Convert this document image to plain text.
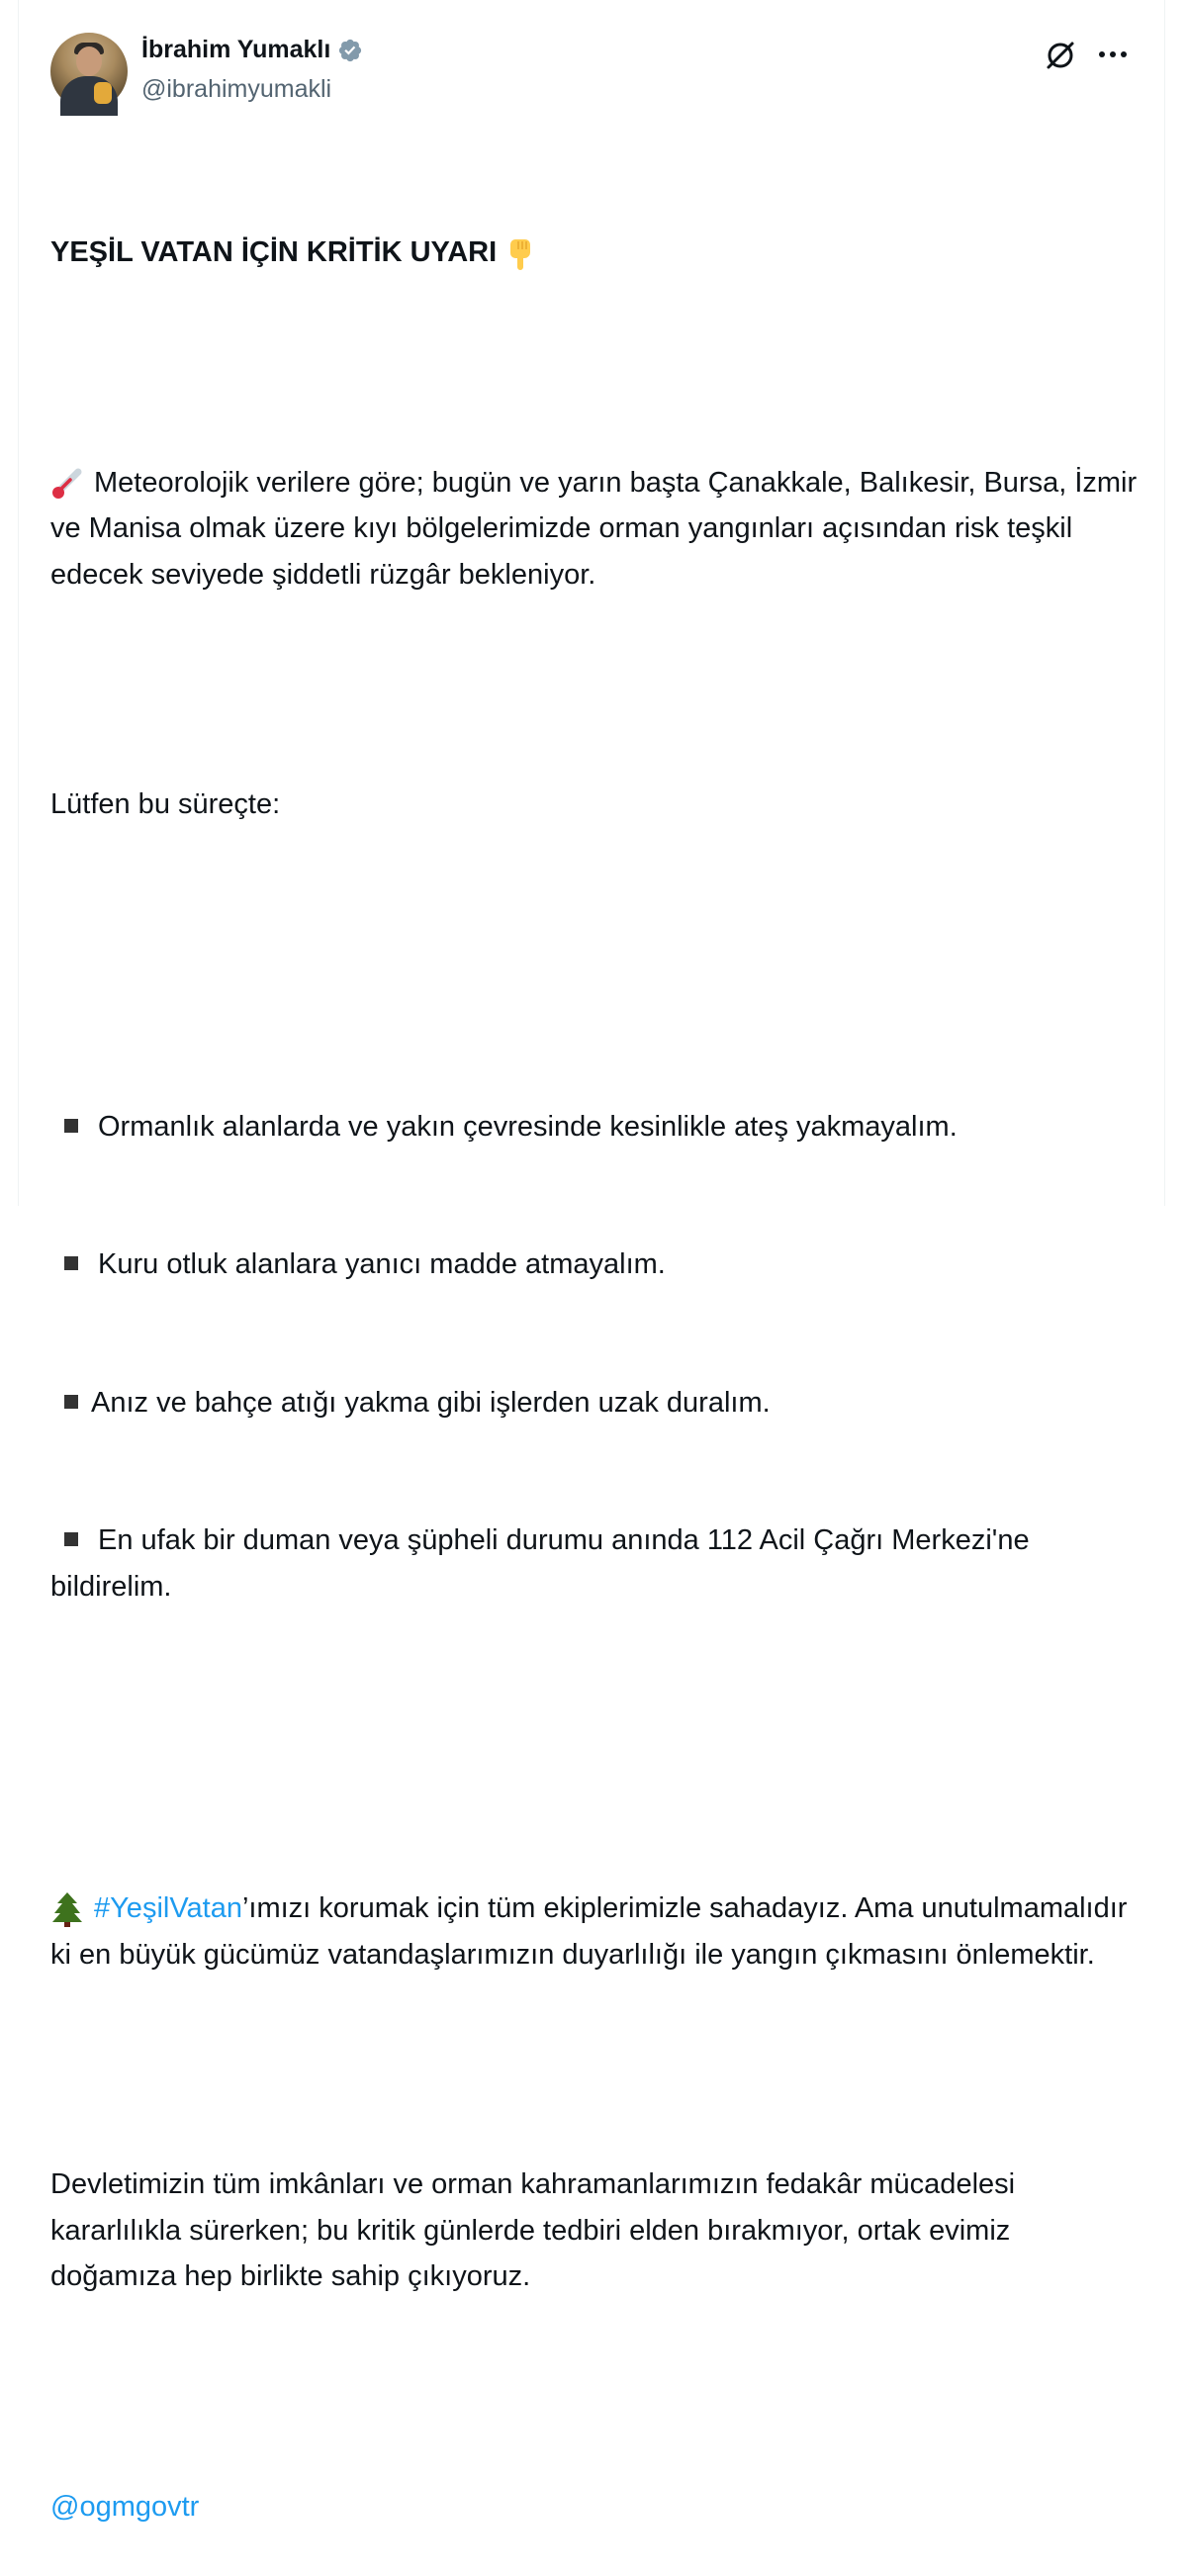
İbrahim Yumaklı
@ibrahimyumakli

YEŞİL VATAN İÇİN KRİTİK UYARI

Meteorolojik verilere göre; bugün ve yarın başta Çanakkale, Balıkesir, Bursa, İzmir ve Manisa olmak üzere kıyı bölgelerimizde orman yangınları açısından risk teşkil edecek seviyede şiddetli rüzgâr bekleniyor.

Lütfen bu süreçte:

Ormanlık alanlarda ve yakın çevresinde kesinlikle ateş yakmayalım.

Kuru otluk alanlara yanıcı madde atmayalım.

Anız ve bahçe atığı yakma gibi işlerden uzak duralım.

En ufak bir duman veya şüpheli durumu anında 112 Acil Çağrı Merkezi'ne bildirelim.

#YeşilVatan’ımızı korumak için tüm ekiplerimizle sahadayız. Ama unutulmamalıdır ki en büyük gücümüz vatandaşlarımızın duyarlılığı ile yangın çıkmasını önlemektir.

Devletimizin tüm imkânları ve orman kahramanlarımızın fedakâr mücadelesi kararlılıkla sürerken; bu kritik günlerde tedbiri elden bırakmıyor, ortak evimiz doğamıza hep birlikte sahip çıkıyoruz.

@ogmgovtr
